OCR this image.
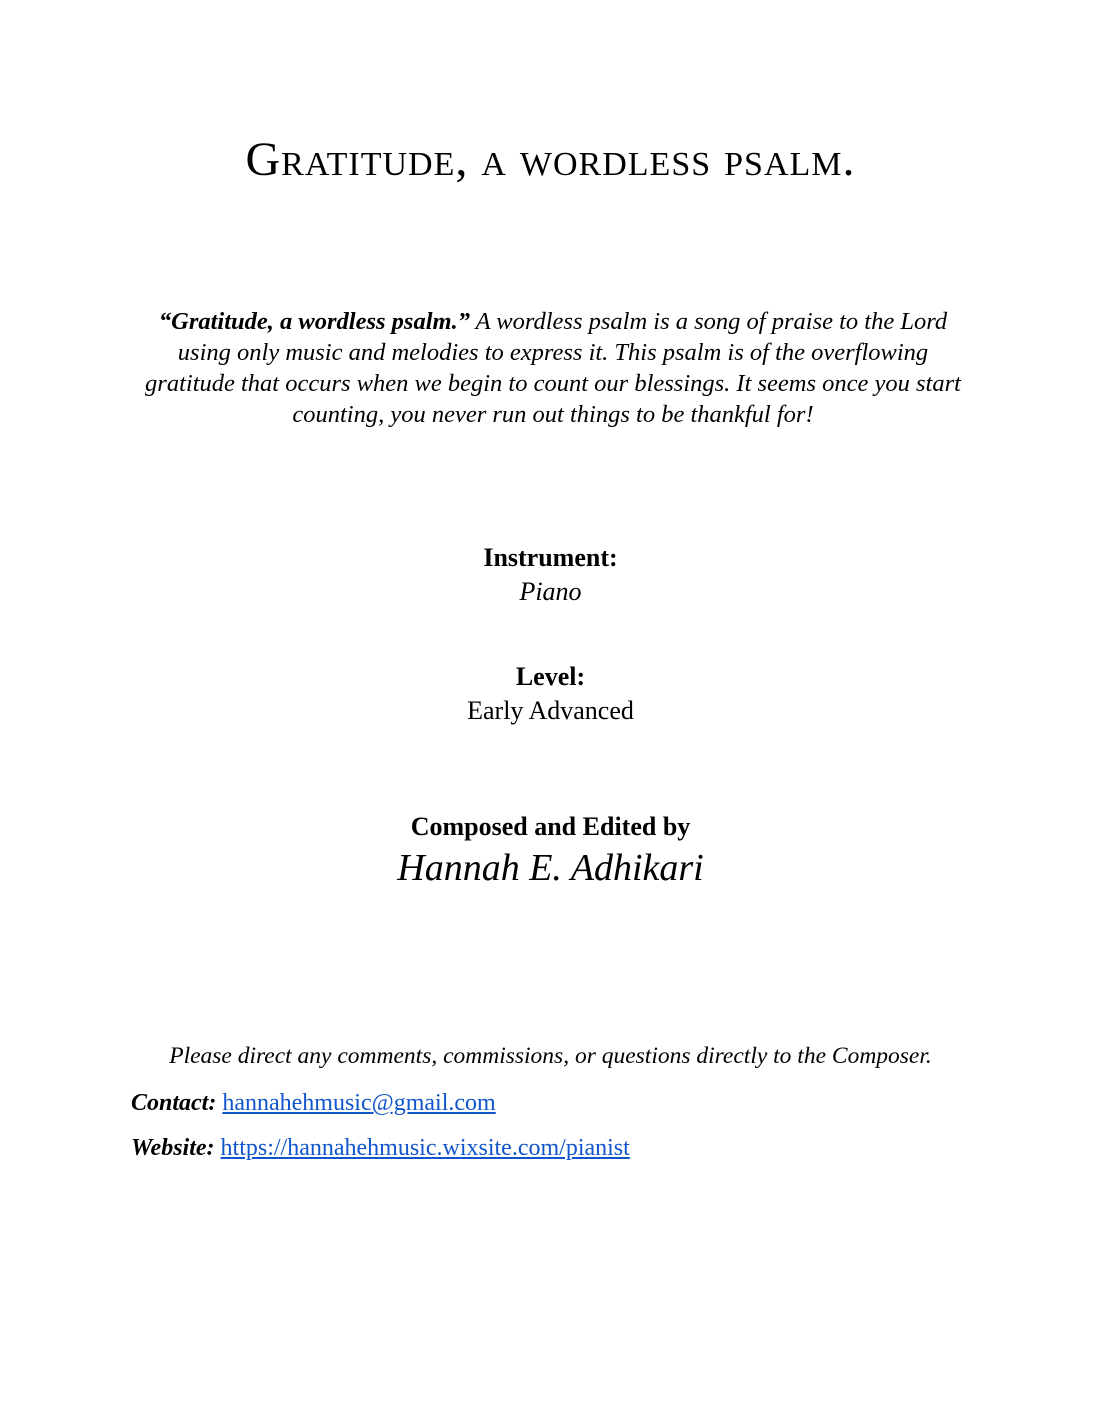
Gratitude, a wordless psalm.
“Gratitude, a wordless psalm.” A wordless psalm is a song of praise to the Lord using only music and melodies to express it. This psalm is of the overflowing gratitude that occurs when we begin to count our blessings. It seems once you start counting, you never run out things to be thankful for!
Instrument:
Piano
Level:
Early Advanced
Composed and Edited by
Hannah E. Adhikari
Please direct any comments, commissions, or questions directly to the Composer.
Contact: hannahehmusic@gmail.com
Website: https://hannahehmusic.wixsite.com/pianist
